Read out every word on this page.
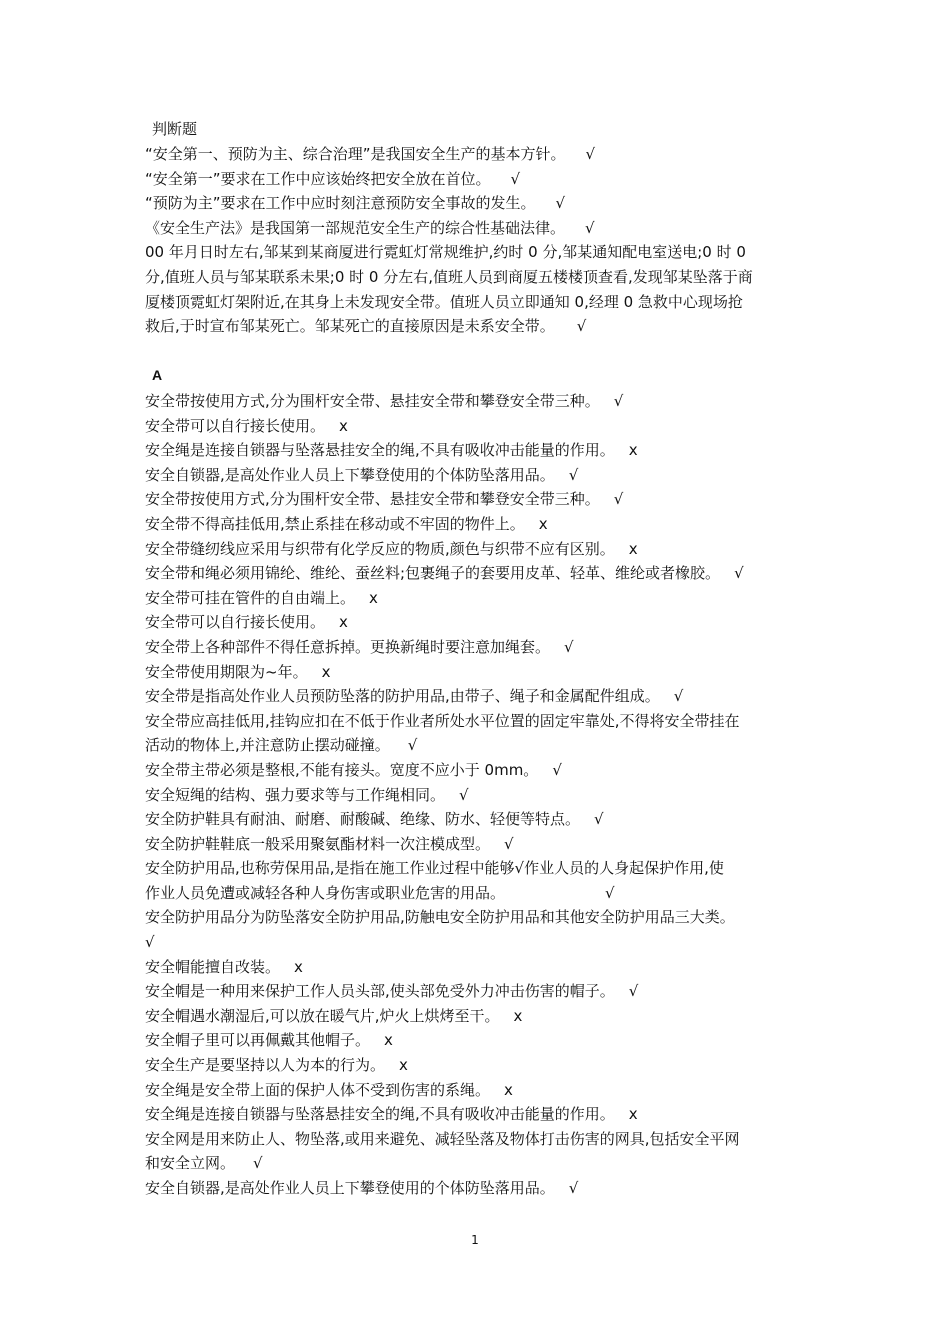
判断题
“安全第一、预防为主、综合治理”是我国安全生产的基本方针。 √
“安全第一”要求在工作中应该始终把安全放在首位。 √
“预防为主”要求在工作中应时刻注意预防安全事故的发生。 √
《安全生产法》是我国第一部规范安全生产的综合性基础法律。 √
00 年月日时左右,邹某到某商厦进行霓虹灯常规维护,约时 0 分,邹某通知配电室送电;0 时 0
分,值班人员与邹某联系未果;0 时 0 分左右,值班人员到商厦五楼楼顶查看,发现邹某坠落于商
厦楼顶霓虹灯架附近,在其身上未发现安全带。值班人员立即通知 0,经理 0 急救中心现场抢
救后,于时宣布邹某死亡。邹某死亡的直接原因是未系安全带。 √
A
安全带按使用方式,分为围杆安全带、悬挂安全带和攀登安全带三种。 √
安全带可以自行接长使用。 x
安全绳是连接自锁器与坠落悬挂安全的绳,不具有吸收冲击能量的作用。 x
安全自锁器,是高处作业人员上下攀登使用的个体防坠落用品。 √
安全带按使用方式,分为围杆安全带、悬挂安全带和攀登安全带三种。 √
安全带不得高挂低用,禁止系挂在移动或不牢固的物件上。 x
安全带缝纫线应采用与织带有化学反应的物质,颜色与织带不应有区别。 x
安全带和绳必须用锦纶、维纶、蚕丝料;包裹绳子的套要用皮革、轻革、维纶或者橡胶。 √
安全带可挂在管件的自由端上。 x
安全带可以自行接长使用。 x
安全带上各种部件不得任意拆掉。更换新绳时要注意加绳套。 √
安全带使用期限为~年。 x
安全带是指高处作业人员预防坠落的防护用品,由带子、绳子和金属配件组成。 √
安全带应高挂低用,挂钩应扣在不低于作业者所处水平位置的固定牢靠处,不得将安全带挂在
活动的物体上,并注意防止摆动碰撞。 √
安全带主带必须是整根,不能有接头。宽度不应小于 0mm。 √
安全短绳的结构、强力要求等与工作绳相同。 √
安全防护鞋具有耐油、耐磨、耐酸碱、绝缘、防水、轻便等特点。 √
安全防护鞋鞋底一般采用聚氨酯材料一次注模成型。 √
安全防护用品,也称劳保用品,是指在施工作业过程中能够√作业人员的人身起保护作用,使
作业人员免遭或减轻各种人身伤害或职业危害的用品。	√
安全防护用品分为防坠落安全防护用品,防触电安全防护用品和其他安全防护用品三大类。
√
安全帽能擅自改装。 x
安全帽是一种用来保护工作人员头部,使头部免受外力冲击伤害的帽子。 √
安全帽遇水潮湿后,可以放在暖气片,炉火上烘烤至干。 x
安全帽子里可以再佩戴其他帽子。 x
安全生产是要坚持以人为本的行为。 x
安全绳是安全带上面的保护人体不受到伤害的系绳。 x
安全绳是连接自锁器与坠落悬挂安全的绳,不具有吸收冲击能量的作用。 x
安全网是用来防止人、物坠落,或用来避免、减轻坠落及物体打击伤害的网具,包括安全平网
和安全立网。 √
安全自锁器,是高处作业人员上下攀登使用的个体防坠落用品。 √
1
